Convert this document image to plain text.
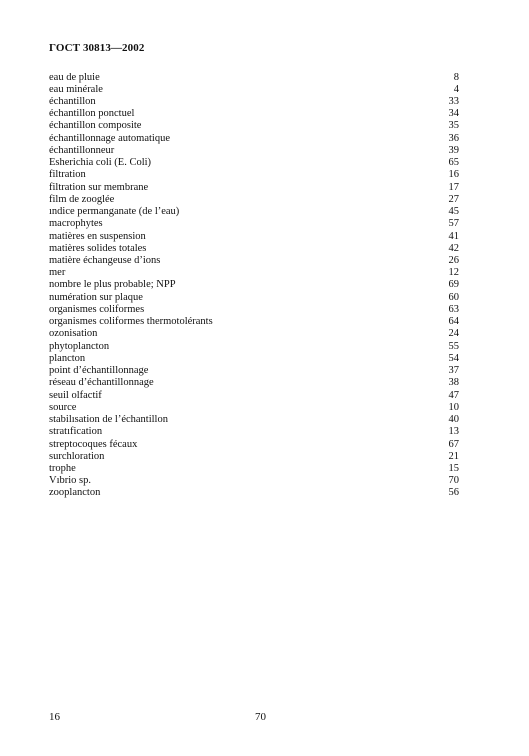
ГОСТ 30813—2002
eau de pluie	8
eau minérale	4
échantillon	33
échantillon ponctuel	34
échantillon composite	35
échantillonnage automatique	36
échantillonneur	39
Esherichia coli (E. Coli)	65
filtration	16
filtration sur membrane	17
film de zooglée	27
ındice permanganate (de l’eau)	45
macrophytes	57
matières en suspension	41
matières solides totales	42
matière échangeuse d’ions	26
mer	12
nombre le plus probable; NPP	69
numération sur plaque	60
organismes coliformes	63
organismes coliformes thermotolérants	64
ozonisation	24
phytoplancton	55
plancton	54
point d’échantillonnage	37
réseau d’échantillonnage	38
seuil olfactif	47
source	10
stabilısation de l’échantillon	40
stratıfication	13
streptocoques fécaux	67
surchloration	21
trophe	15
Vıbrio sp.	70
zooplancton	56
16	70
